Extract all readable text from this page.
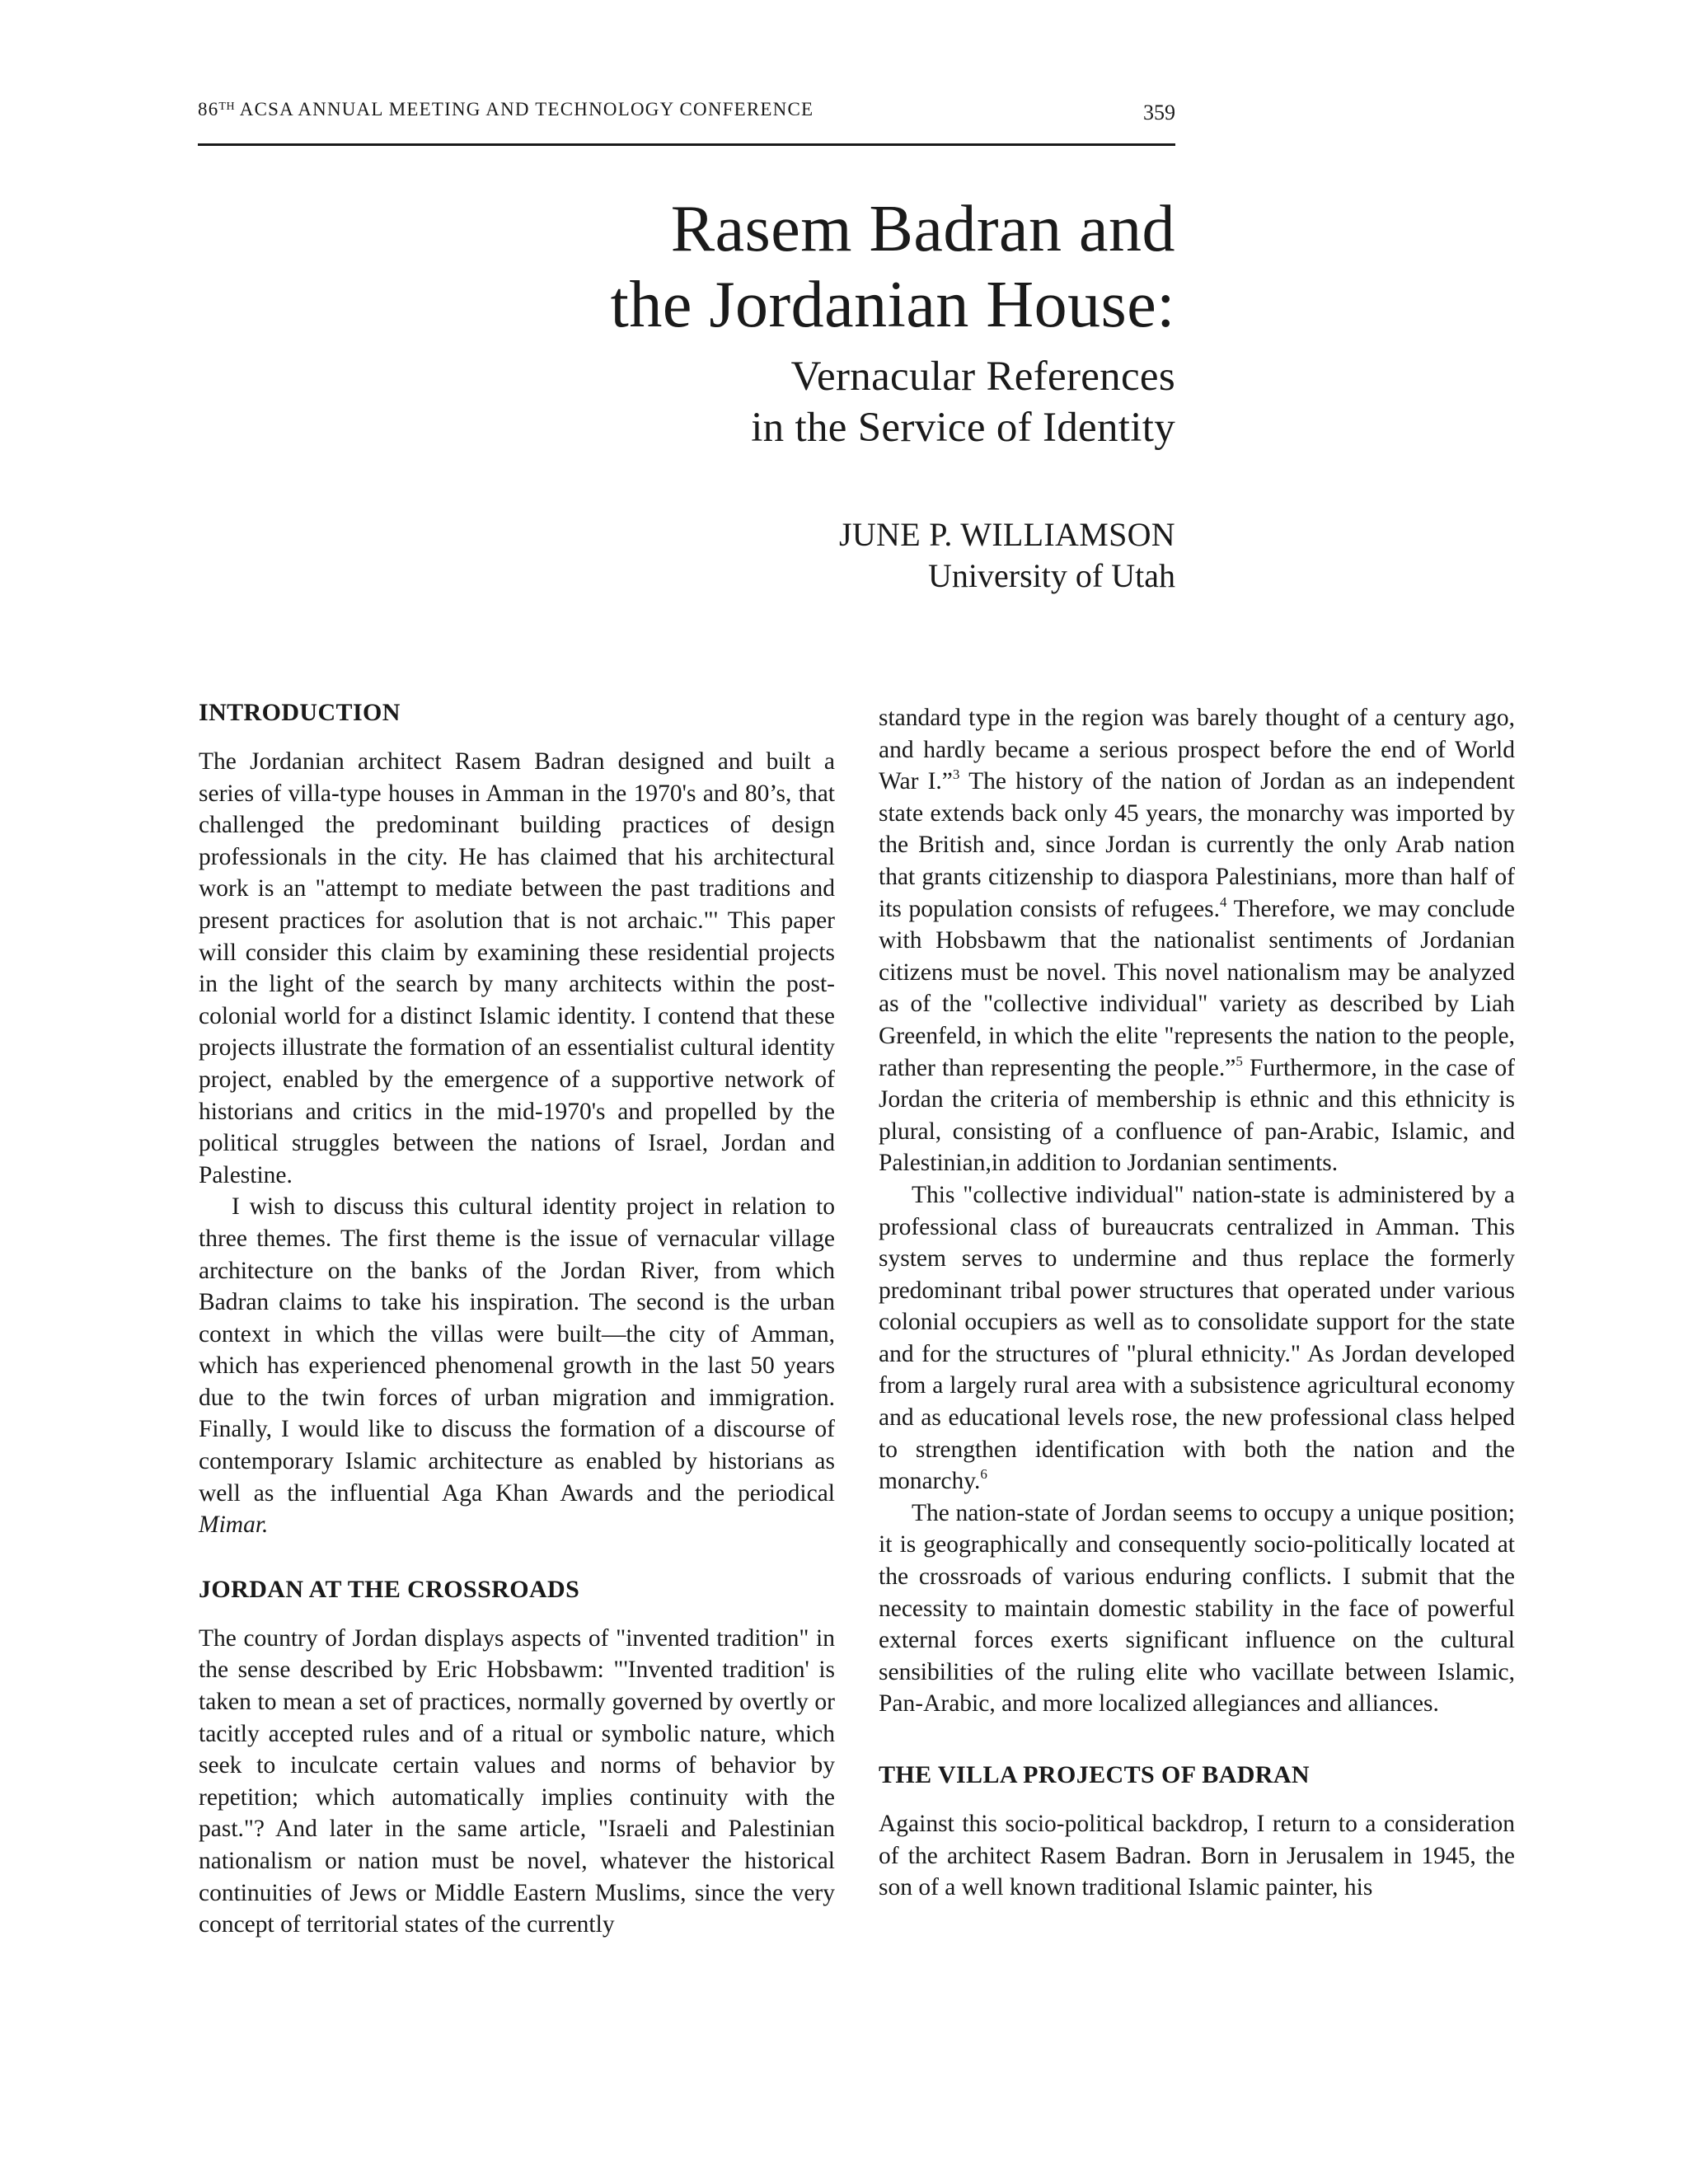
86TH ACSA ANNUAL MEETING AND TECHNOLOGY CONFERENCE	359
Rasem Badran and
the Jordanian House:
Vernacular References
in the Service of Identity
JUNE P. WILLIAMSON
University of Utah
INTRODUCTION

The Jordanian architect Rasem Badran designed and built a series of villa-type houses in Amman in the 1970's and 80’s, that challenged the predominant building practices of design professionals in the city. He has claimed that his architectural work is an "attempt to mediate between the past traditions and present practices for asolution that is not archaic."' This paper will consider this claim by examining these residential projects in the light of the search by many architects within the post-colonial world for a distinct Islamic identity. I contend that these projects illustrate the formation of an essentialist cultural identity project, enabled by the emergence of a supportive network of historians and critics in the mid-1970's and propelled by the political struggles between the nations of Israel, Jordan and Palestine.

I wish to discuss this cultural identity project in relation to three themes. The first theme is the issue of vernacular village architecture on the banks of the Jordan River, from which Badran claims to take his inspiration. The second is the urban context in which the villas were built—the city of Amman, which has experienced phenomenal growth in the last 50 years due to the twin forces of urban migration and immigration. Finally, I would like to discuss the formation of a discourse of contemporary Islamic architecture as enabled by historians as well as the influential Aga Khan Awards and the periodical Mimar.

JORDAN AT THE CROSSROADS

The country of Jordan displays aspects of "invented tradition" in the sense described by Eric Hobsbawm: "'Invented tradition' is taken to mean a set of practices, normally governed by overtly or tacitly accepted rules and of a ritual or symbolic nature, which seek to inculcate certain values and norms of behavior by repetition; which automatically implies continuity with the past."? And later in the same article, "Israeli and Palestinian nationalism or nation must be novel, whatever the historical continuities of Jews or Middle Eastern Muslims, since the very concept of territorial states of the currently

standard type in the region was barely thought of a century ago, and hardly became a serious prospect before the end of World War I.”$^3$ The history of the nation of Jordan as an independent state extends back only 45 years, the monarchy was imported by the British and, since Jordan is currently the only Arab nation that grants citizenship to diaspora Palestinians, more than half of its population consists of refugees.$^4$ Therefore, we may conclude with Hobsbawm that the nationalist sentiments of Jordanian citizens must be novel. This novel nationalism may be analyzed as of the "collective individual" variety as described by Liah Greenfeld, in which the elite "represents the nation to the people, rather than representing the people.”$^5$ Furthermore, in the case of Jordan the criteria of membership is ethnic and this ethnicity is plural, consisting of a confluence of pan-Arabic, Islamic, and Palestinian,in addition to Jordanian sentiments.

This "collective individual" nation-state is administered by a professional class of bureaucrats centralized in Amman. This system serves to undermine and thus replace the formerly predominant tribal power structures that operated under various colonial occupiers as well as to consolidate support for the state and for the structures of "plural ethnicity." As Jordan developed from a largely rural area with a subsistence agricultural economy and as educational levels rose, the new professional class helped to strengthen identification with both the nation and the monarchy.$^6$

The nation-state of Jordan seems to occupy a unique position; it is geographically and consequently socio-politically located at the crossroads of various enduring conflicts. I submit that the necessity to maintain domestic stability in the face of powerful external forces exerts significant influence on the cultural sensibilities of the ruling elite who vacillate between Islamic, Pan-Arabic, and more localized allegiances and alliances.

THE VILLA PROJECTS OF BADRAN

Against this socio-political backdrop, I return to a consideration of the architect Rasem Badran. Born in Jerusalem in 1945, the son of a well known traditional Islamic painter, his
